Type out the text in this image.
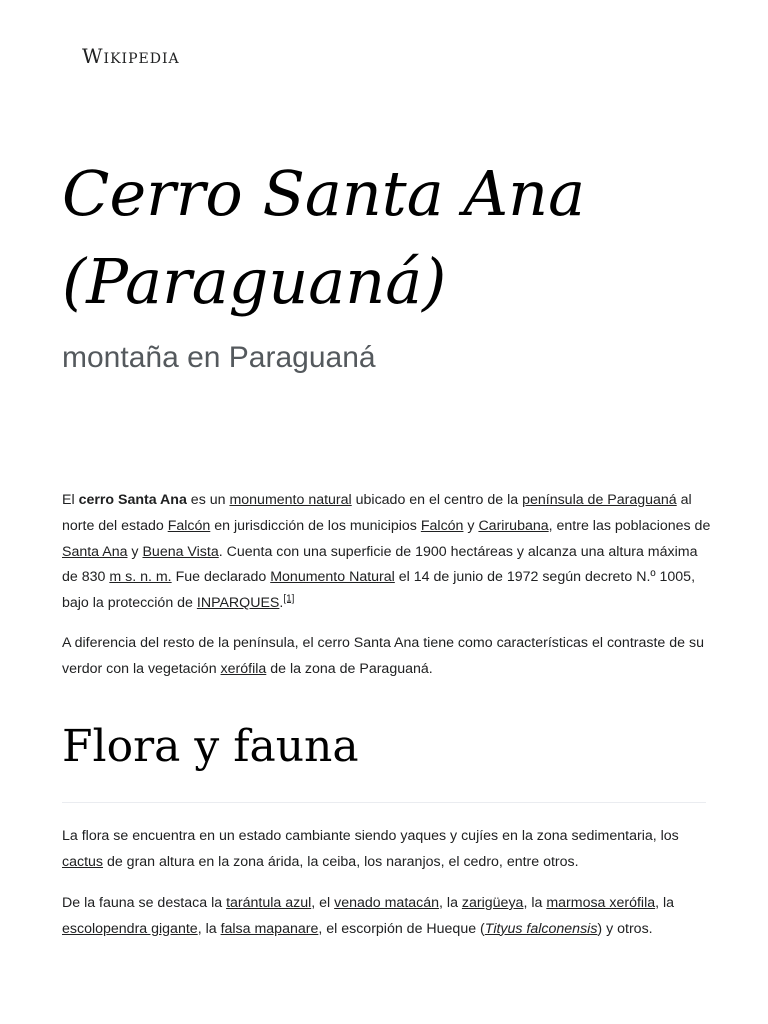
Wikipedia
Cerro Santa Ana (Paraguaná)
montaña en Paraguaná

El cerro Santa Ana es un monumento natural ubicado en el centro de la península de Paraguaná al norte del estado Falcón en jurisdicción de los municipios Falcón y Carirubana, entre las poblaciones de Santa Ana y Buena Vista. Cuenta con una superficie de 1900 hectáreas y alcanza una altura máxima de 830 m s. n. m. Fue declarado Monumento Natural el 14 de junio de 1972 según decreto N.º 1005, bajo la protección de INPARQUES.[1]

A diferencia del resto de la península, el cerro Santa Ana tiene como características el contraste de su verdor con la vegetación xerófila de la zona de Paraguaná.

Flora y fauna

La flora se encuentra en un estado cambiante siendo yaques y cujíes en la zona sedimentaria, los cactus de gran altura en la zona árida, la ceiba, los naranjos, el cedro, entre otros.

De la fauna se destaca la tarántula azul, el venado matacán, la zarigüeya, la marmosa xerófila, la escolopendra gigante, la falsa mapanare, el escorpión de Hueque (Tityus falconensis) y otros.
